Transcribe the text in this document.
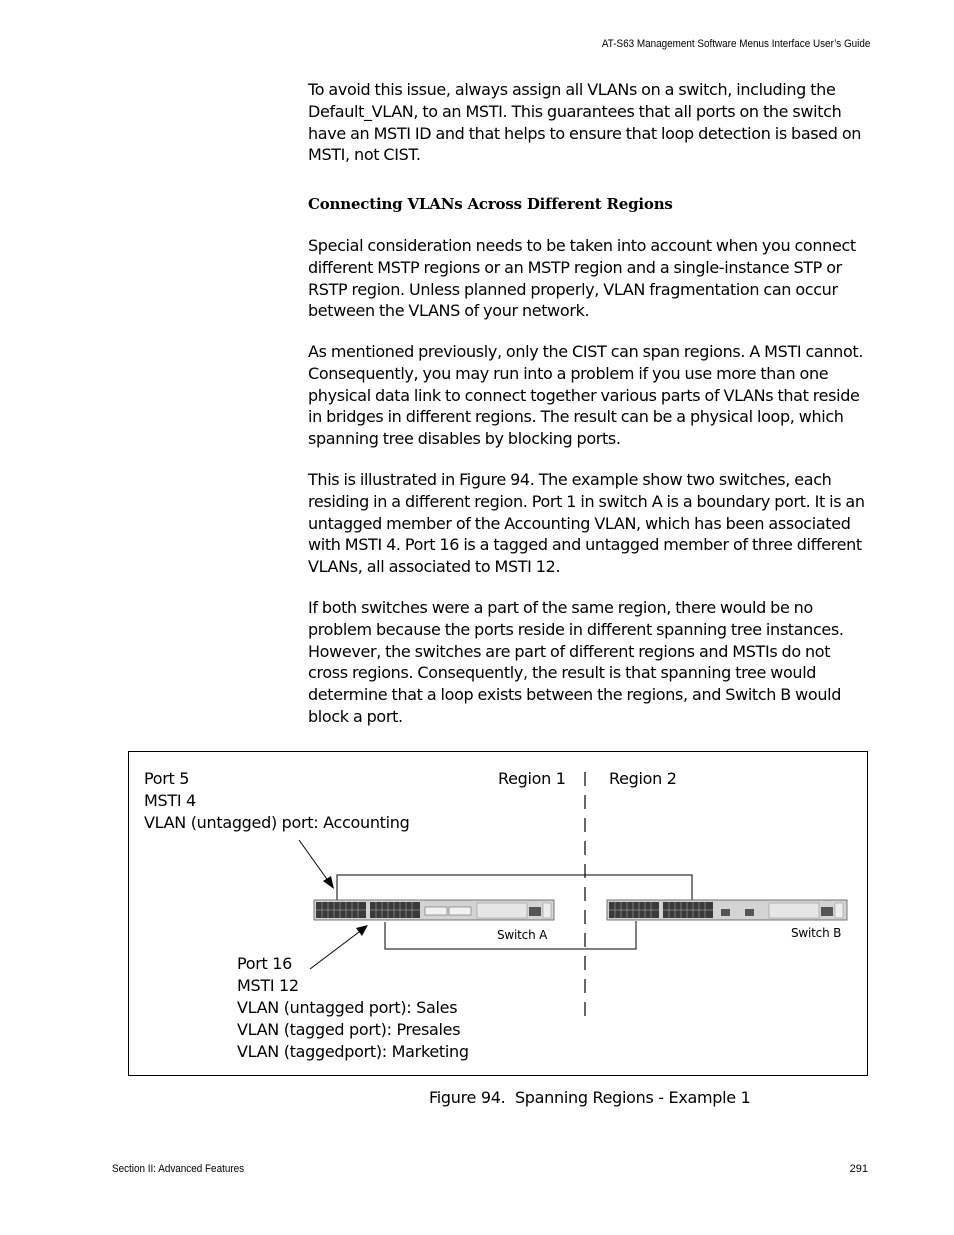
AT-S63 Management Software Menus Interface User’s Guide

To avoid this issue, always assign all VLANs on a switch, including the
Default_VLAN, to an MSTI. This guarantees that all ports on the switch
have an MSTI ID and that helps to ensure that loop detection is based on
MSTI, not CIST.

Connecting VLANs Across Different Regions

Special consideration needs to be taken into account when you connect
different MSTP regions or an MSTP region and a single-instance STP or
RSTP region. Unless planned properly, VLAN fragmentation can occur
between the VLANS of your network.

As mentioned previously, only the CIST can span regions. A MSTI cannot.
Consequently, you may run into a problem if you use more than one
physical data link to connect together various parts of VLANs that reside
in bridges in different regions. The result can be a physical loop, which
spanning tree disables by blocking ports.

This is illustrated in Figure 94. The example show two switches, each
residing in a different region. Port 1 in switch A is a boundary port. It is an
untagged member of the Accounting VLAN, which has been associated
with MSTI 4. Port 16 is a tagged and untagged member of three different
VLANs, all associated to MSTI 12.

If both switches were a part of the same region, there would be no
problem because the ports reside in different spanning tree instances.
However, the switches are part of different regions and MSTIs do not
cross regions. Consequently, the result is that spanning tree would
determine that a loop exists between the regions, and Switch B would
block a port.

Port 5
MSTI 4
VLAN (untagged) port: Accounting
Region 1	Region 2
Switch A	Switch B
Port 16
MSTI 12
VLAN (untagged port): Sales
VLAN (tagged port): Presales
VLAN (taggedport): Marketing
Figure 94.  Spanning Regions - Example 1
Section II: Advanced Features	291
